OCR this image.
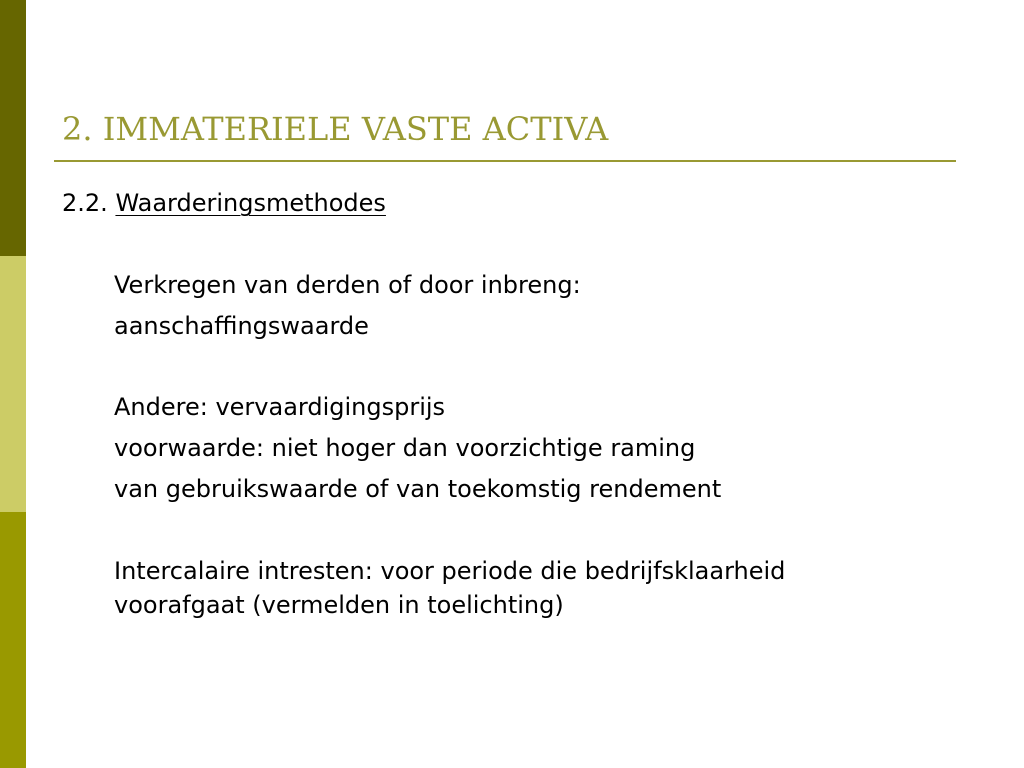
2. IMMATERIELE VASTE ACTIVA
2.2. Waarderingsmethodes
Verkregen van derden of door inbreng:
aanschaffingswaarde
Andere: vervaardigingsprijs
voorwaarde: niet hoger dan voorzichtige raming
van gebruikswaarde of van toekomstig rendement
Intercalaire intresten: voor periode die bedrijfsklaarheid
voorafgaat (vermelden in toelichting)
